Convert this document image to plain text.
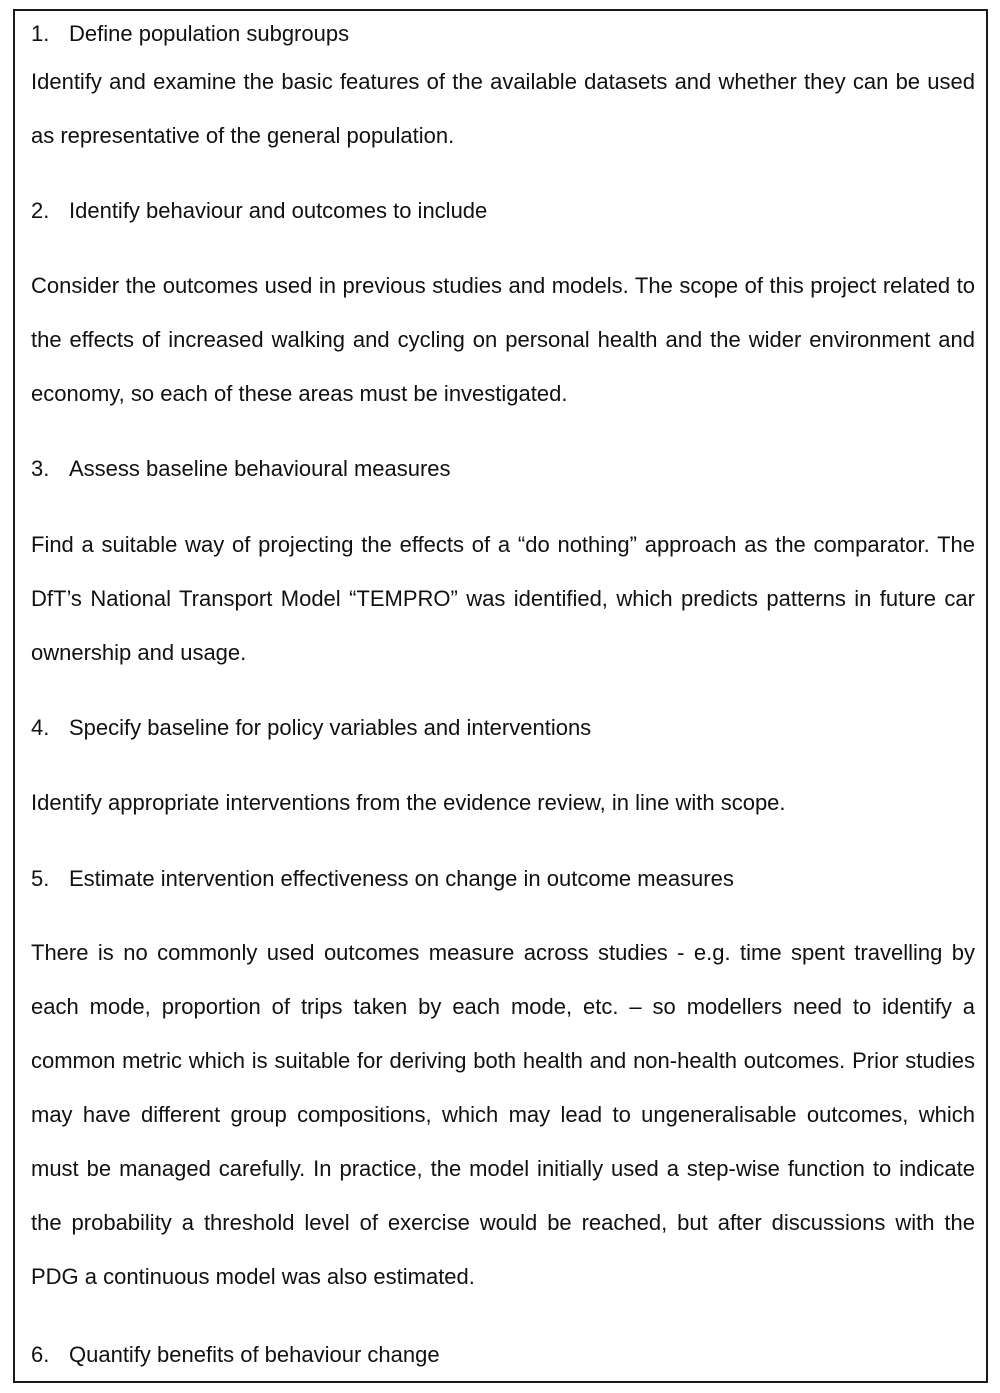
1. Define population subgroups

Identify and examine the basic features of the available datasets and whether they can be used as representative of the general population.

2. Identify behaviour and outcomes to include

Consider the outcomes used in previous studies and models. The scope of this project related to the effects of increased walking and cycling on personal health and the wider environment and economy, so each of these areas must be investigated.

3. Assess baseline behavioural measures

Find a suitable way of projecting the effects of a “do nothing” approach as the comparator. The DfT’s National Transport Model “TEMPRO” was identified, which predicts patterns in future car ownership and usage.

4. Specify baseline for policy variables and interventions

Identify appropriate interventions from the evidence review, in line with scope.

5. Estimate intervention effectiveness on change in outcome measures

There is no commonly used outcomes measure across studies - e.g. time spent travelling by each mode, proportion of trips taken by each mode, etc. – so modellers need to identify a common metric which is suitable for deriving both health and non-health outcomes. Prior studies may have different group compositions, which may lead to ungeneralisable outcomes, which must be managed carefully. In practice, the model initially used a step-wise function to indicate the probability a threshold level of exercise would be reached, but after discussions with the PDG a continuous model was also estimated.

6. Quantify benefits of behaviour change
